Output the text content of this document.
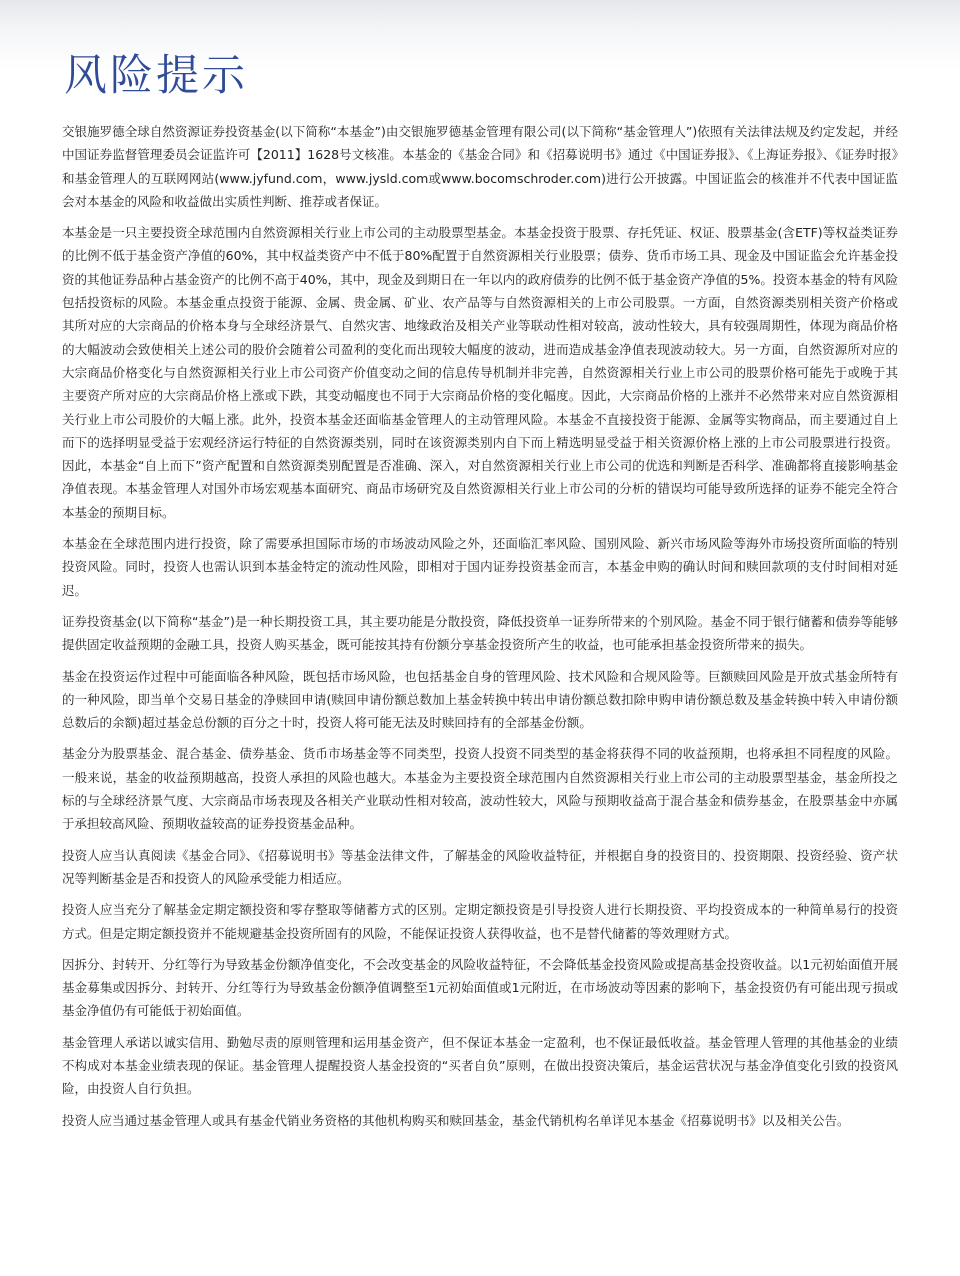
风险提示

交银施罗德全球自然资源证券投资基金(以下简称“本基金”)由交银施罗德基金管理有限公司(以下简称“基金管理人”)依照有关法律法规及约定发起，并经中国证券监督管理委员会证监许可【2011】1628号文核准。本基金的《基金合同》和《招募说明书》通过《中国证券报》、《上海证券报》、《证券时报》和基金管理人的互联网网站(www.jyfund.com，www.jysld.com或www.bocomschroder.com)进行公开披露。中国证监会的核准并不代表中国证监会对本基金的风险和收益做出实质性判断、推荐或者保证。

本基金是一只主要投资全球范围内自然资源相关行业上市公司的主动股票型基金。本基金投资于股票、存托凭证、权证、股票基金(含ETF)等权益类证券的比例不低于基金资产净值的60%，其中权益类资产中不低于80%配置于自然资源相关行业股票；债券、货币市场工具、现金及中国证监会允许基金投资的其他证券品种占基金资产的比例不高于40%，其中，现金及到期日在一年以内的政府债券的比例不低于基金资产净值的5%。投资本基金的特有风险包括投资标的风险。本基金重点投资于能源、金属、贵金属、矿业、农产品等与自然资源相关的上市公司股票。一方面，自然资源类别相关资产价格或其所对应的大宗商品的价格本身与全球经济景气、自然灾害、地缘政治及相关产业等联动性相对较高，波动性较大，具有较强周期性，体现为商品价格的大幅波动会致使相关上述公司的股价会随着公司盈利的变化而出现较大幅度的波动，进而造成基金净值表现波动较大。另一方面，自然资源所对应的大宗商品价格变化与自然资源相关行业上市公司资产价值变动之间的信息传导机制并非完善，自然资源相关行业上市公司的股票价格可能先于或晚于其主要资产所对应的大宗商品价格上涨或下跌，其变动幅度也不同于大宗商品价格的变化幅度。因此，大宗商品价格的上涨并不必然带来对应自然资源相关行业上市公司股价的大幅上涨。此外，投资本基金还面临基金管理人的主动管理风险。本基金不直接投资于能源、金属等实物商品，而主要通过自上而下的选择明显受益于宏观经济运行特征的自然资源类别，同时在该资源类别内自下而上精选明显受益于相关资源价格上涨的上市公司股票进行投资。因此，本基金“自上而下”资产配置和自然资源类别配置是否准确、深入，对自然资源相关行业上市公司的优选和判断是否科学、准确都将直接影响基金净值表现。本基金管理人对国外市场宏观基本面研究、商品市场研究及自然资源相关行业上市公司的分析的错误均可能导致所选择的证券不能完全符合本基金的预期目标。

本基金在全球范围内进行投资，除了需要承担国际市场的市场波动风险之外，还面临汇率风险、国别风险、新兴市场风险等海外市场投资所面临的特别投资风险。同时，投资人也需认识到本基金特定的流动性风险，即相对于国内证券投资基金而言，本基金申购的确认时间和赎回款项的支付时间相对延迟。

证券投资基金(以下简称“基金”)是一种长期投资工具，其主要功能是分散投资，降低投资单一证券所带来的个别风险。基金不同于银行储蓄和债券等能够提供固定收益预期的金融工具，投资人购买基金，既可能按其持有份额分享基金投资所产生的收益，也可能承担基金投资所带来的损失。

基金在投资运作过程中可能面临各种风险，既包括市场风险，也包括基金自身的管理风险、技术风险和合规风险等。巨额赎回风险是开放式基金所特有的一种风险，即当单个交易日基金的净赎回申请(赎回申请份额总数加上基金转换中转出申请份额总数扣除申购申请份额总数及基金转换中转入申请份额总数后的余额)超过基金总份额的百分之十时，投资人将可能无法及时赎回持有的全部基金份额。

基金分为股票基金、混合基金、债券基金、货币市场基金等不同类型，投资人投资不同类型的基金将获得不同的收益预期，也将承担不同程度的风险。一般来说，基金的收益预期越高，投资人承担的风险也越大。本基金为主要投资全球范围内自然资源相关行业上市公司的主动股票型基金，基金所投之标的与全球经济景气度、大宗商品市场表现及各相关产业联动性相对较高，波动性较大，风险与预期收益高于混合基金和债券基金，在股票基金中亦属于承担较高风险、预期收益较高的证券投资基金品种。

投资人应当认真阅读《基金合同》、《招募说明书》等基金法律文件，了解基金的风险收益特征，并根据自身的投资目的、投资期限、投资经验、资产状况等判断基金是否和投资人的风险承受能力相适应。

投资人应当充分了解基金定期定额投资和零存整取等储蓄方式的区别。定期定额投资是引导投资人进行长期投资、平均投资成本的一种简单易行的投资方式。但是定期定额投资并不能规避基金投资所固有的风险，不能保证投资人获得收益，也不是替代储蓄的等效理财方式。

因拆分、封转开、分红等行为导致基金份额净值变化，不会改变基金的风险收益特征，不会降低基金投资风险或提高基金投资收益。以1元初始面值开展基金募集或因拆分、封转开、分红等行为导致基金份额净值调整至1元初始面值或1元附近，在市场波动等因素的影响下，基金投资仍有可能出现亏损或基金净值仍有可能低于初始面值。

基金管理人承诺以诚实信用、勤勉尽责的原则管理和运用基金资产，但不保证本基金一定盈利，也不保证最低收益。基金管理人管理的其他基金的业绩不构成对本基金业绩表现的保证。基金管理人提醒投资人基金投资的“买者自负”原则，在做出投资决策后，基金运营状况与基金净值变化引致的投资风险，由投资人自行负担。

投资人应当通过基金管理人或具有基金代销业务资格的其他机构购买和赎回基金，基金代销机构名单详见本基金《招募说明书》以及相关公告。
